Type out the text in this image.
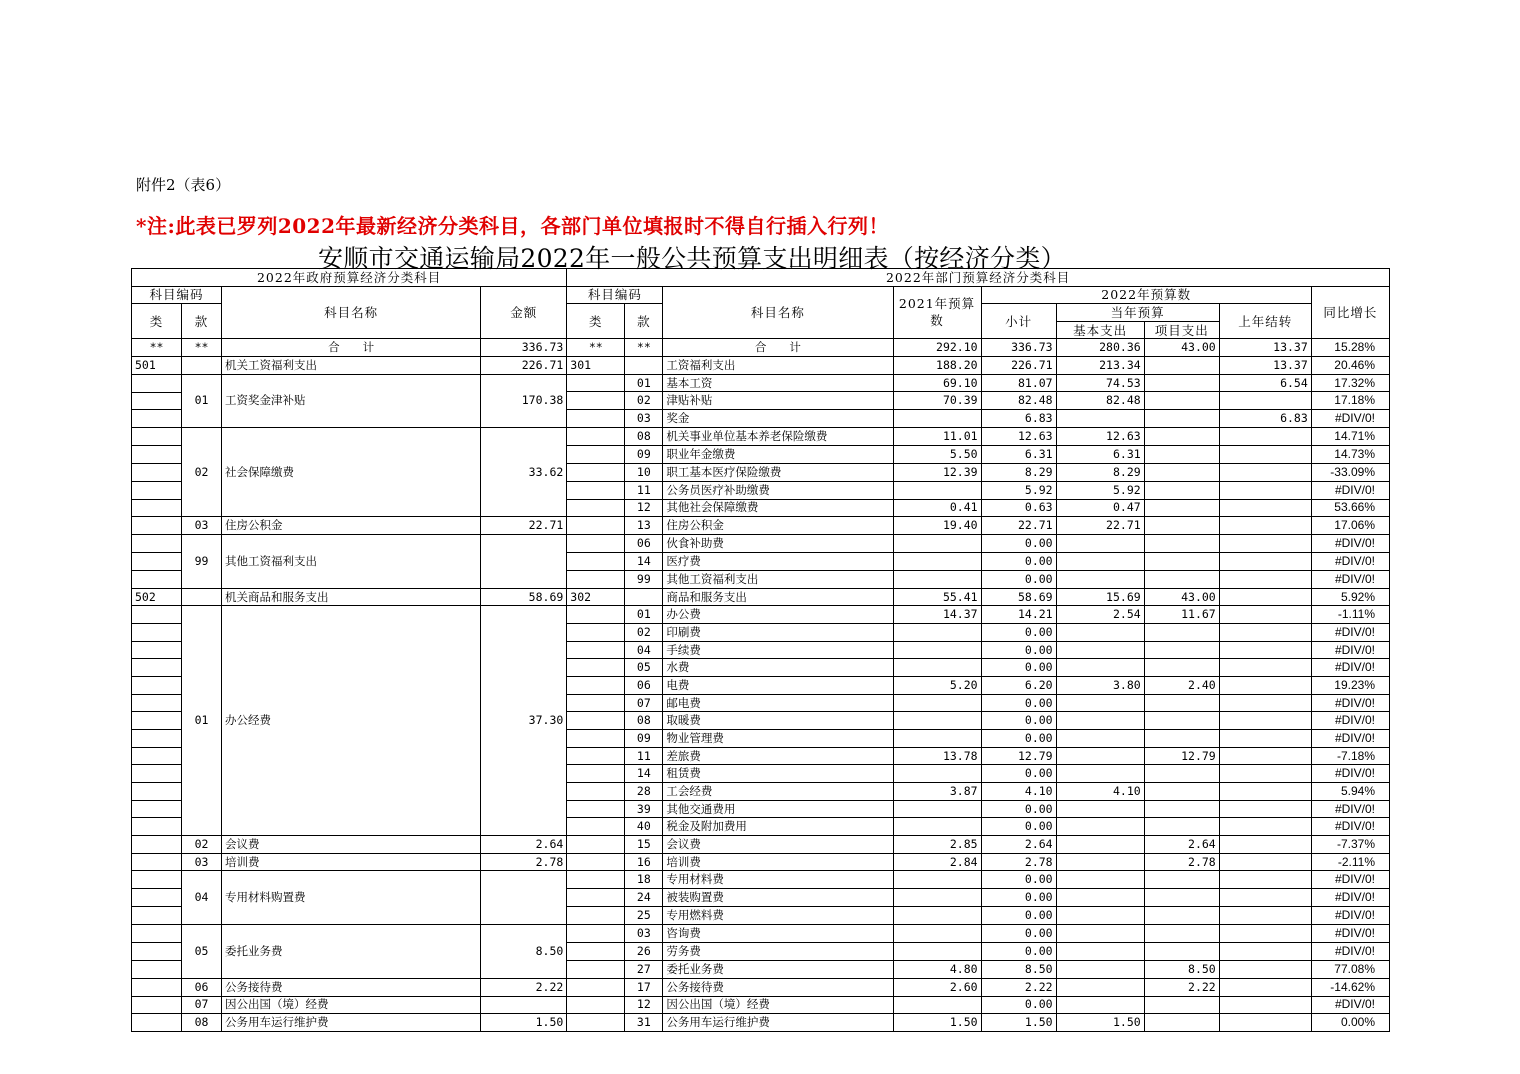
附件2（表6）
*注:此表已罗列2022年最新经济分类科目，各部门单位填报时不得自行插入行列！
安顺市交通运输局2022年一般公共预算支出明细表（按经济分类）
2022年政府预算经济分类科目				2022年部门预算经济分类科目								
科目编码		科目名称	金额	科目编码		科目名称	2021年预算数	2022年预算数				同比增长
类	款			类	款			小计	当年预算		上年结转	
									基本支出	项目支出		
**	**	合　　计	336.73	**	**	合　　计	292.10	336.73	280.36	43.00	13.37	15.28%
501		机关工资福利支出	226.71	301		工资福利支出	188.20	226.71	213.34		13.37	20.46%

	01	工资奖金津补贴	170.38		01	基本工资	69.10	81.07	74.53		6.54	17.32%
					02	津贴补贴	70.39	82.48	82.48			17.18%
					03	奖金		6.83			6.83	#DIV/0!

	02	社会保障缴费	33.62		08	机关事业单位基本养老保险缴费	11.01	12.63	12.63			14.71%
					09	职业年金缴费	5.50	6.31	6.31			14.73%
					10	职工基本医疗保险缴费	12.39	8.29	8.29			-33.09%
					11	公务员医疗补助缴费		5.92	5.92			#DIV/0!
					12	其他社会保障缴费	0.41	0.63	0.47			53.66%
	03	住房公积金	22.71		13	住房公积金	19.40	22.71	22.71			17.06%

	99	其他工资福利支出			06	伙食补助费		0.00				#DIV/0!
					14	医疗费		0.00				#DIV/0!
					99	其他工资福利支出		0.00				#DIV/0!
502		机关商品和服务支出	58.69	302		商品和服务支出	55.41	58.69	15.69	43.00		5.92%

	01	办公经费	37.30		01	办公费	14.37	14.21	2.54	11.67		-1.11%
					02	印刷费		0.00				#DIV/0!
					04	手续费		0.00				#DIV/0!
					05	水费		0.00				#DIV/0!
					06	电费	5.20	6.20	3.80	2.40		19.23%
					07	邮电费		0.00				#DIV/0!
					08	取暖费		0.00				#DIV/0!
					09	物业管理费		0.00				#DIV/0!
					11	差旅费	13.78	12.79		12.79		-7.18%
					14	租赁费		0.00				#DIV/0!
					28	工会经费	3.87	4.10	4.10			5.94%
					39	其他交通费用		0.00				#DIV/0!
					40	税金及附加费用		0.00				#DIV/0!
	02	会议费	2.64		15	会议费	2.85	2.64		2.64		-7.37%
	03	培训费	2.78		16	培训费	2.84	2.78		2.78		-2.11%

	04	专用材料购置费			18	专用材料费		0.00				#DIV/0!
					24	被装购置费		0.00				#DIV/0!
					25	专用燃料费		0.00				#DIV/0!

	05	委托业务费	8.50		03	咨询费		0.00				#DIV/0!
					26	劳务费		0.00				#DIV/0!
					27	委托业务费	4.80	8.50		8.50		77.08%
	06	公务接待费	2.22		17	公务接待费	2.60	2.22		2.22		-14.62%
	07	因公出国（境）经费			12	因公出国（境）经费		0.00				#DIV/0!
	08	公务用车运行维护费	1.50		31	公务用车运行维护费	1.50	1.50	1.50			0.00%
